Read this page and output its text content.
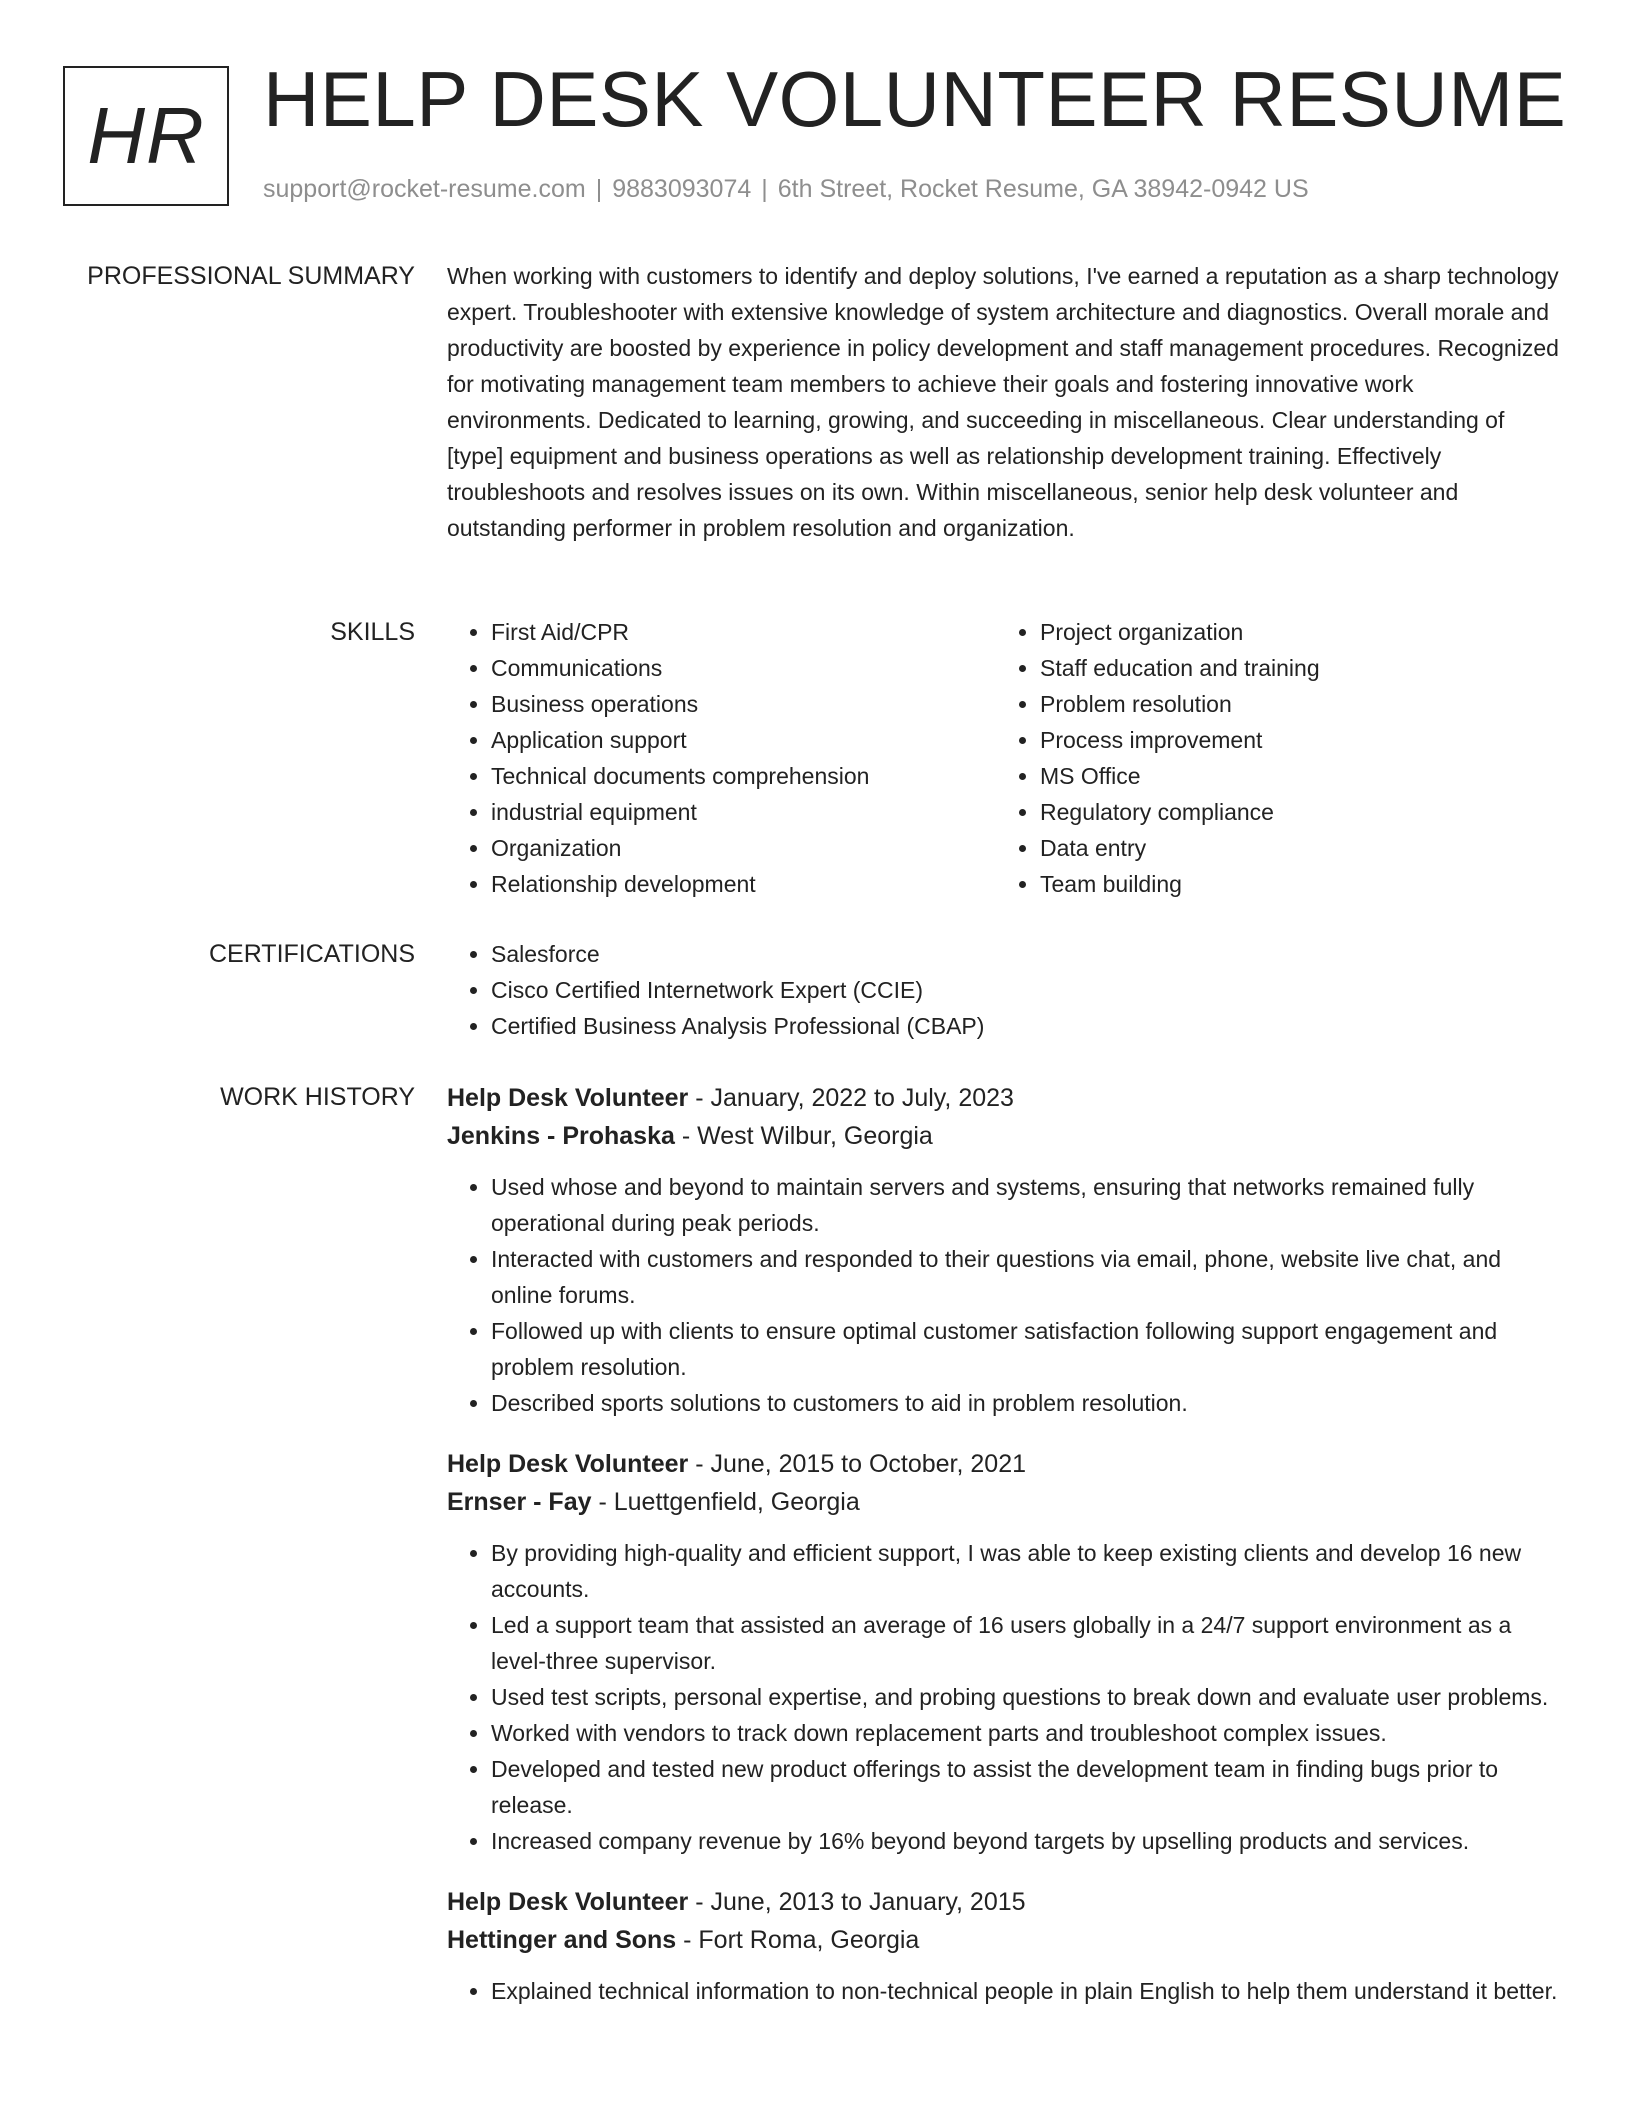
HR HELP DESK VOLUNTEER RESUME
support@rocket-resume.com | 9883093074 | 6th Street, Rocket Resume, GA 38942-0942 US
PROFESSIONAL SUMMARY When working with customers to identify and deploy solutions, I've earned a reputation as a sharp technology expert. Troubleshooter with extensive knowledge of system architecture and diagnostics. Overall morale and productivity are boosted by experience in policy development and staff management procedures. Recognized for motivating management team members to achieve their goals and fostering innovative work environments. Dedicated to learning, growing, and succeeding in miscellaneous. Clear understanding of [type] equipment and business operations as well as relationship development training. Effectively troubleshoots and resolves issues on its own. Within miscellaneous, senior help desk volunteer and outstanding performer in problem resolution and organization.

SKILLS	• First Aid/CPR
• Communications
• Business operations
• Application support
• Technical documents comprehension
• industrial equipment
• Organization
• Relationship development
• Project organization
• Staff education and training
• Problem resolution
• Process improvement
• MS Office
• Regulatory compliance
• Data entry
• Team building
CERTIFICATIONS	• Salesforce
• Cisco Certified Internetwork Expert (CCIE)
• Certified Business Analysis Professional (CBAP)
WORK HISTORY Help Desk Volunteer - January, 2022 to July, 2023
Jenkins - Prohaska - West Wilbur, Georgia
• Used whose and beyond to maintain servers and systems, ensuring that networks remained fully operational during peak periods.
• Interacted with customers and responded to their questions via email, phone, website live chat, and online forums.
• Followed up with clients to ensure optimal customer satisfaction following support engagement and problem resolution.
• Described sports solutions to customers to aid in problem resolution.
Help Desk Volunteer - June, 2015 to October, 2021
Ernser - Fay - Luettgenfield, Georgia
• By providing high-quality and efficient support, I was able to keep existing clients and develop 16 new accounts.
• Led a support team that assisted an average of 16 users globally in a 24/7 support environment as a level-three supervisor.
• Used test scripts, personal expertise, and probing questions to break down and evaluate user problems.
• Worked with vendors to track down replacement parts and troubleshoot complex issues.
• Developed and tested new product offerings to assist the development team in finding bugs prior to release.
• Increased company revenue by 16% beyond beyond targets by upselling products and services.
Help Desk Volunteer - June, 2013 to January, 2015
Hettinger and Sons - Fort Roma, Georgia
• Explained technical information to non-technical people in plain English to help them understand it better.
